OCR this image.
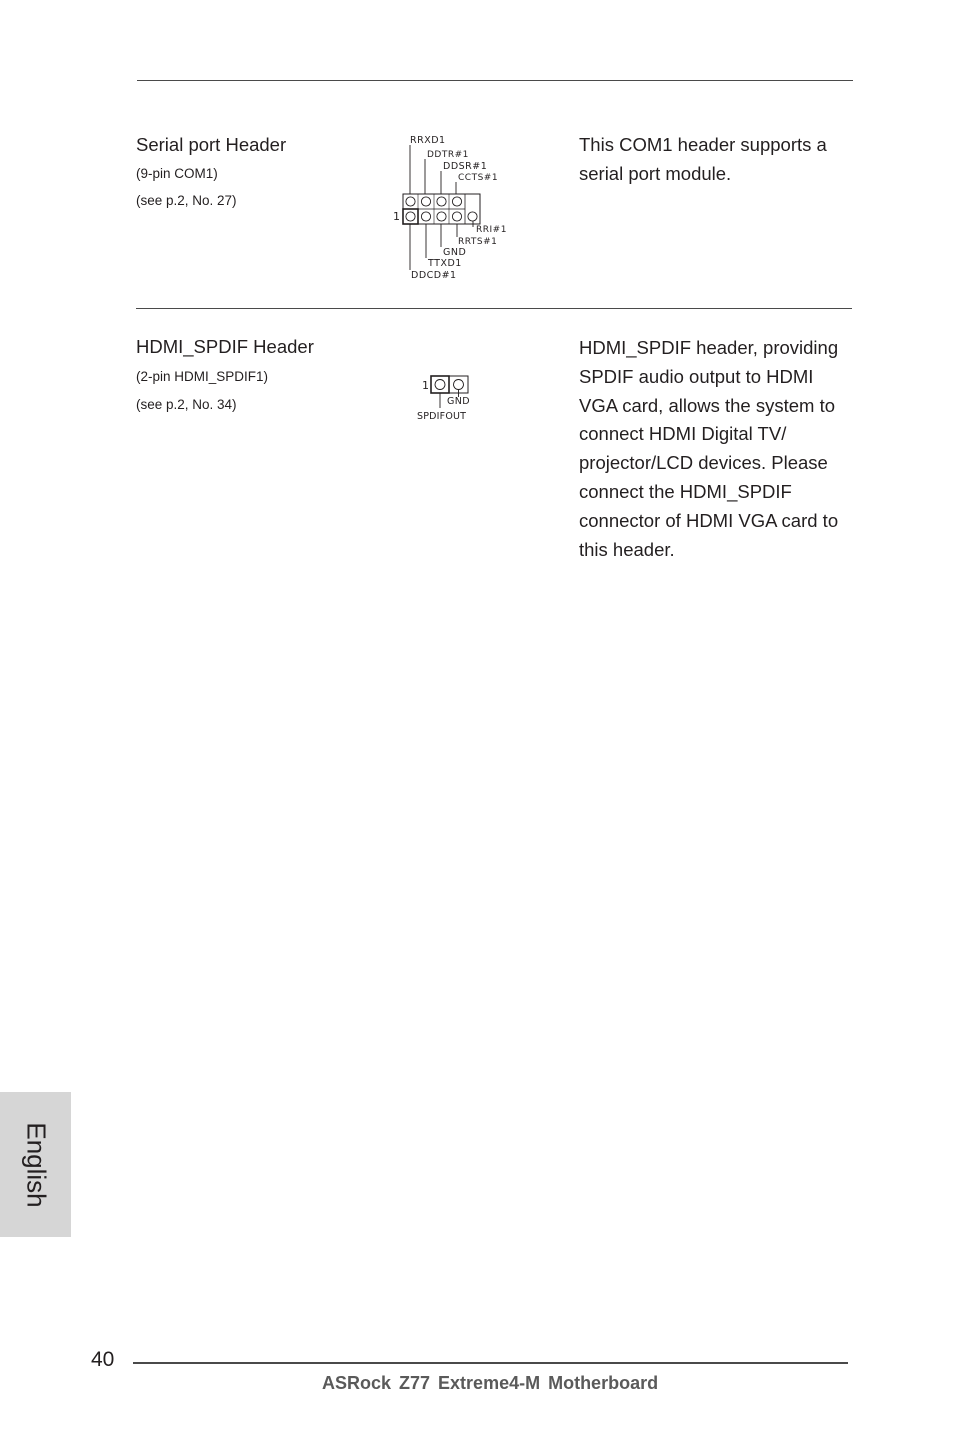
Serial port Header
(9-pin COM1)
(see p.2, No. 27)
RRXD1
DDTR#1
DDSR#1
CCTS#1
1
RRI#1
RRTS#1
GND
TTXD1
DDCD#1
This COM1 header supports a
serial port module.
HDMI_SPDIF Header
(2-pin HDMI_SPDIF1)
(see p.2, No. 34)
1
GND
SPDIFOUT
HDMI_SPDIF header, providing
SPDIF audio output to HDMI
VGA card, allows the system to
connect HDMI Digital TV/
projector/LCD devices. Please
connect the HDMI_SPDIF
connector of HDMI VGA card to
this header.
English
40
ASRock Z77 Extreme4-M Motherboard
